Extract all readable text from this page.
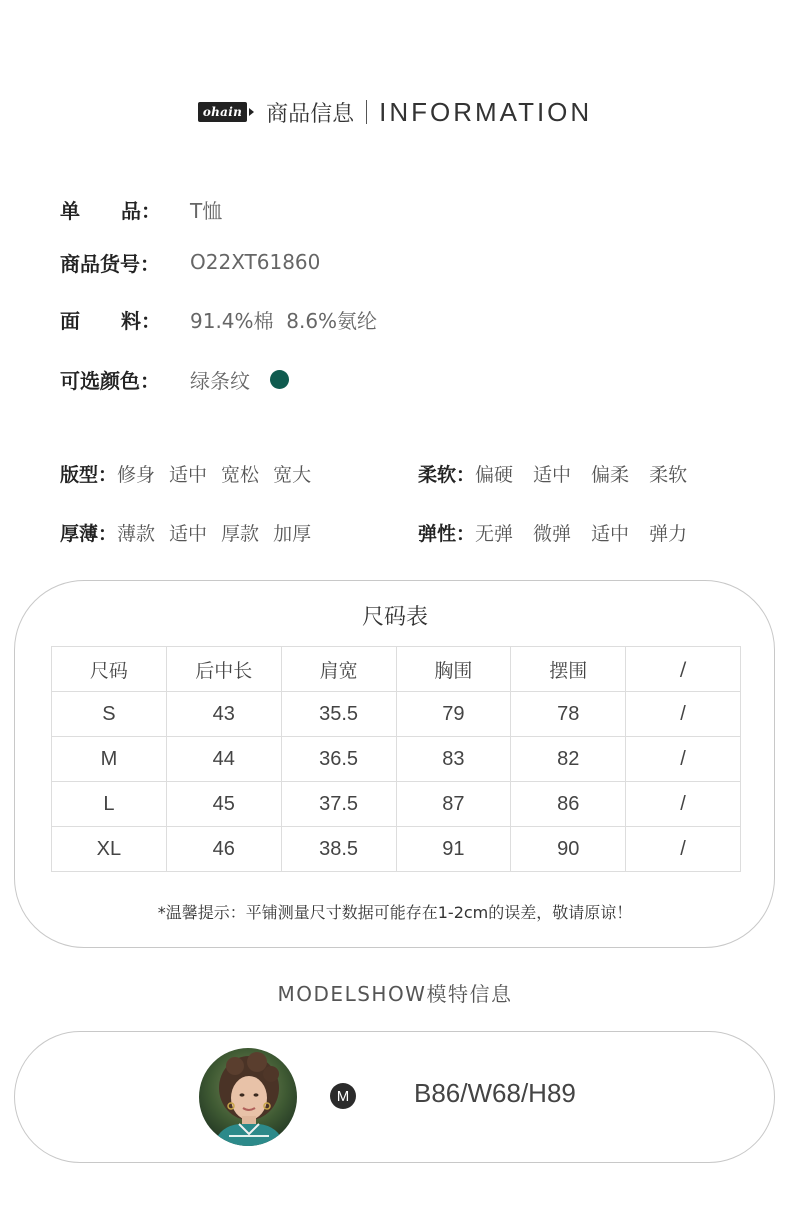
ohain 商品信息 INFORMATION
单 品： T恤
商品货号：	O22XT61860
面 料： 91.4%棉  8.6%氨纶
可选颜色：	绿条纹
版型： 修身 适中 宽松 宽大	柔软： 偏硬 适中 偏柔 柔软
厚薄： 薄款 适中 厚款 加厚	弹性： 无弹 微弹 适中 弹力
尺码表
尺码	后中长	肩宽	胸围	摆围	/
S	43	35.5	79	78	/
M	44	36.5	83	82	/
L	45	37.5	87	86	/
XL	46	38.5	91	90	/
*温馨提示：平铺测量尺寸数据可能存在1-2cm的误差，敬请原谅！
MODELSHOW模特信息
M B86/W68/H89
